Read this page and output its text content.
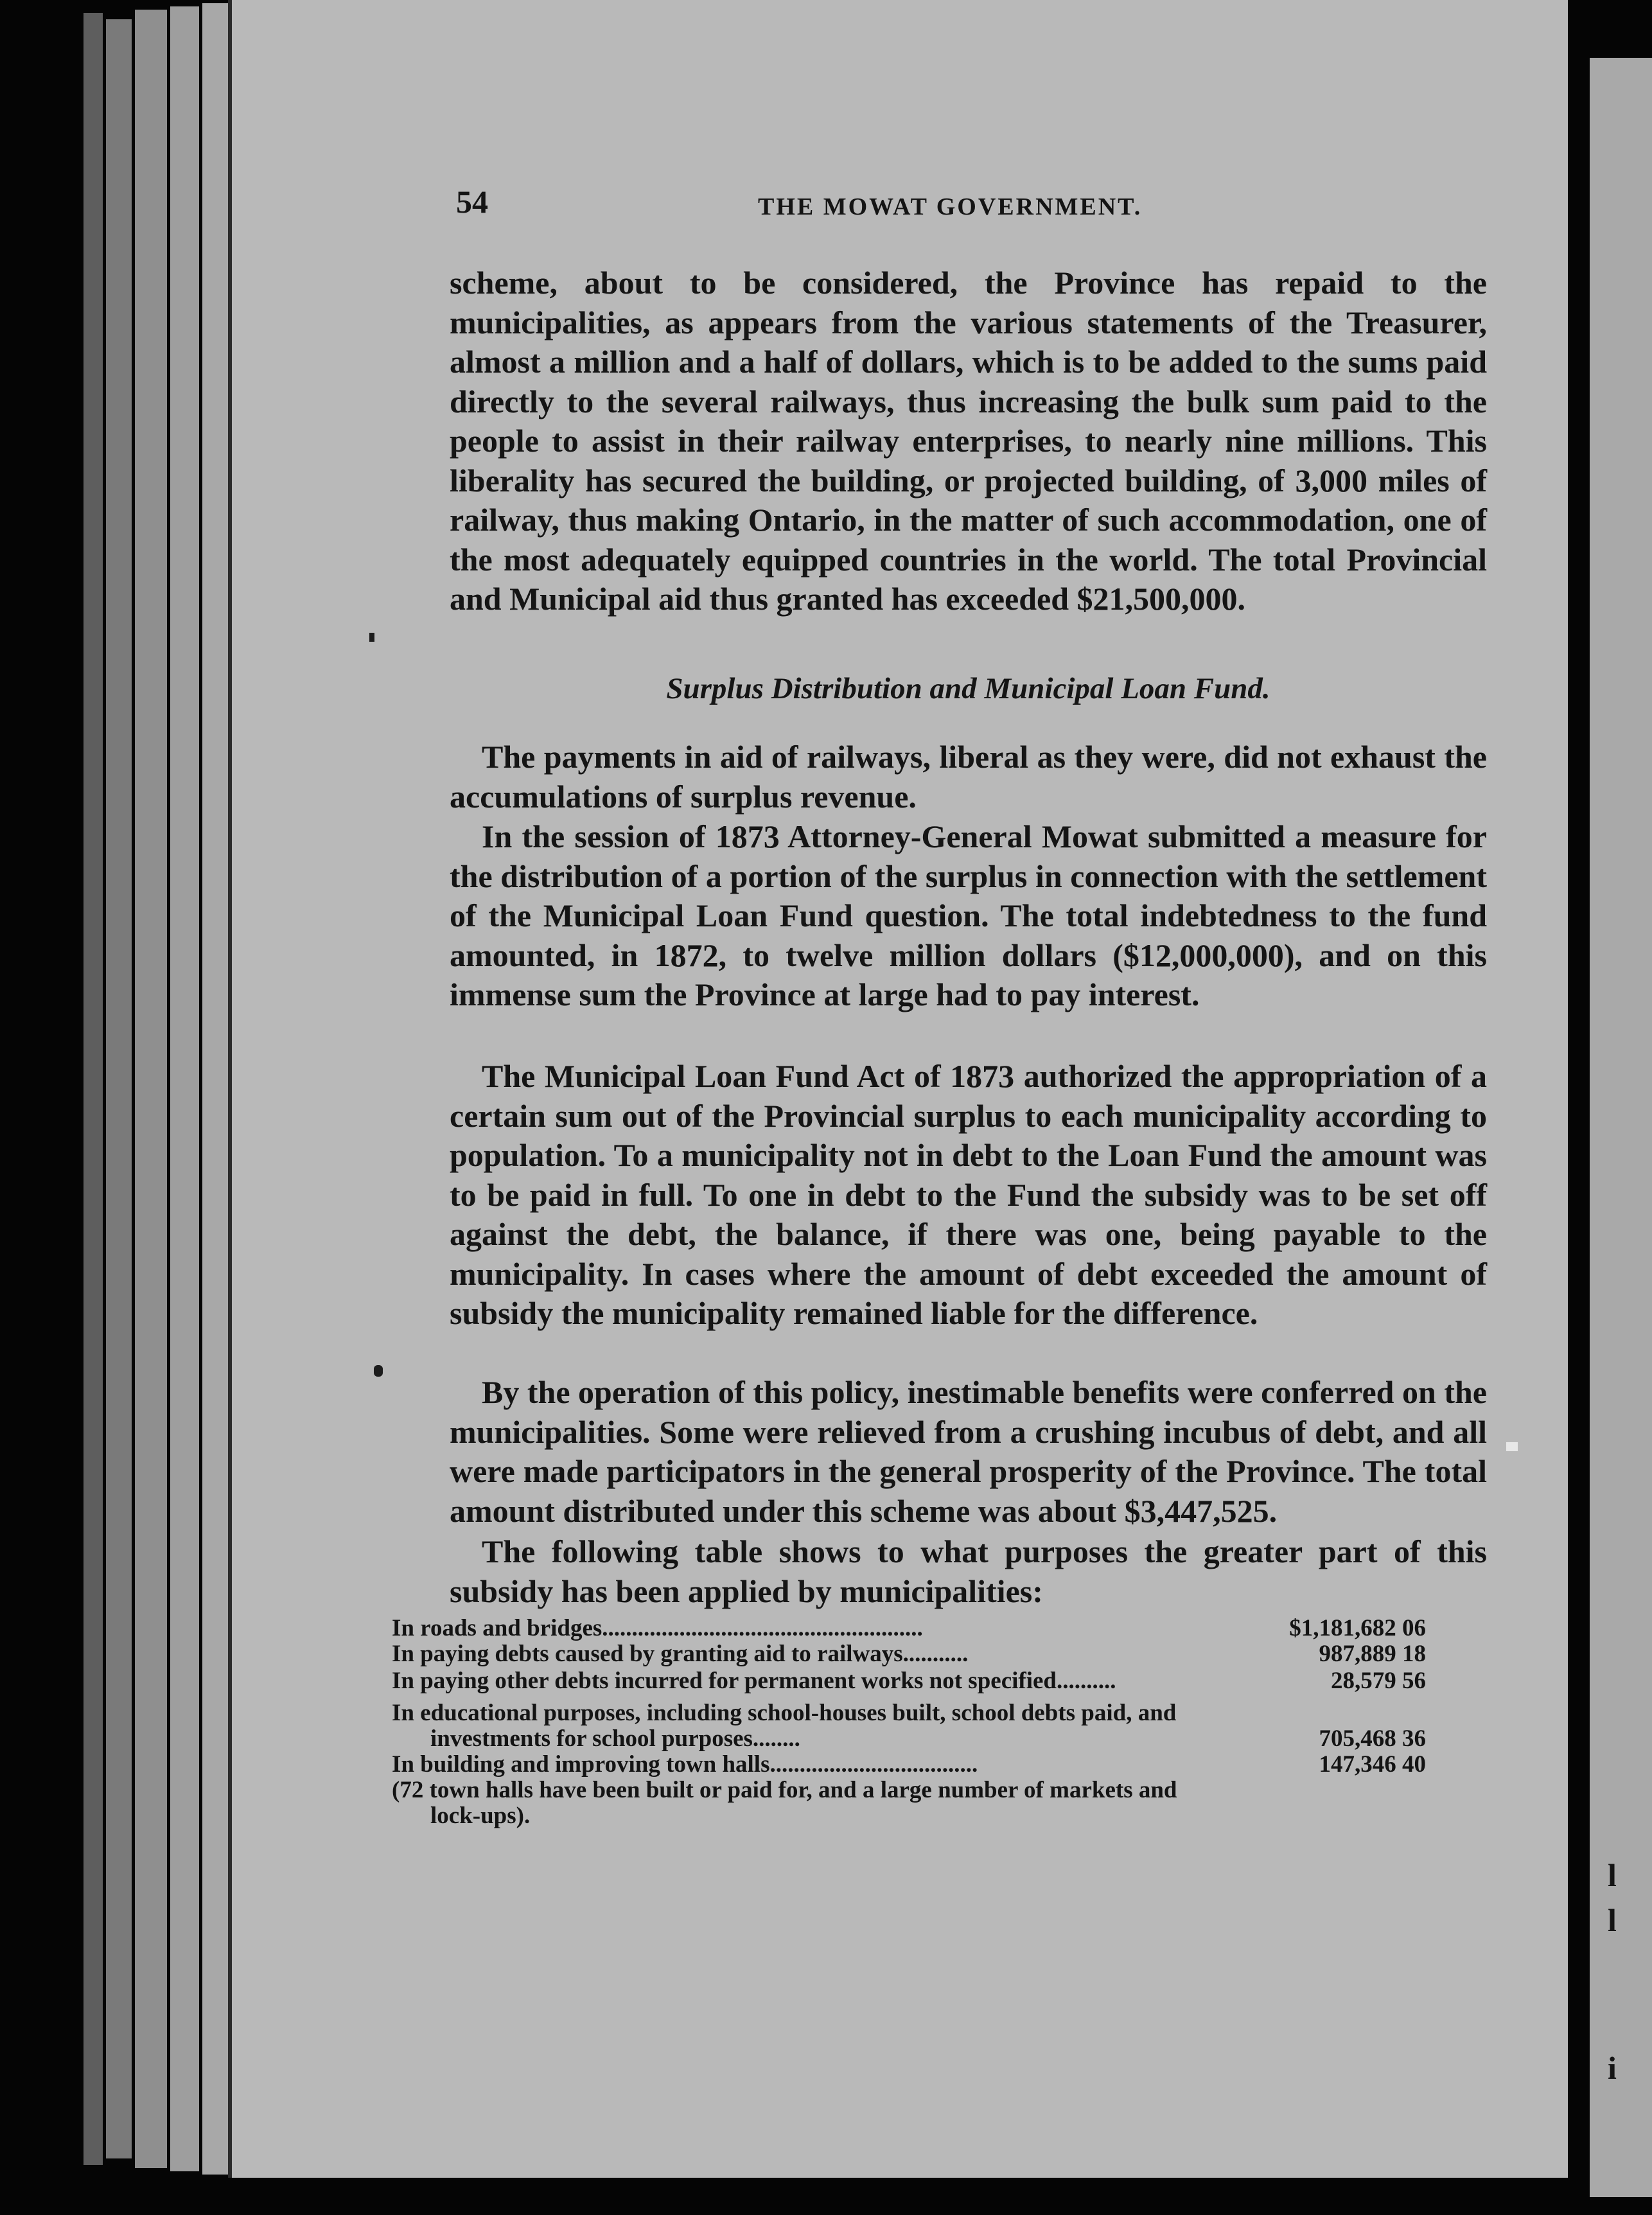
l
l
i
54	THE MOWAT GOVERNMENT.
scheme, about to be considered, the Province has repaid to the municipalities, as appears from the various statements of the Treasurer, almost a million and a half of dollars, which is to be added to the sums paid directly to the several railways, thus increasing the bulk sum paid to the people to assist in their railway enterprises, to nearly nine millions. This liberality has secured the building, or projected building, of 3,000 miles of railway, thus making Ontario, in the matter of such accommodation, one of the most adequately equipped countries in the world. The total Provincial and Municipal aid thus granted has exceeded $21,500,000.
Surplus Distribution and Municipal Loan Fund.
The payments in aid of railways, liberal as they were, did not exhaust the accumulations of surplus revenue.
In the session of 1873 Attorney-General Mowat submitted a measure for the distribution of a portion of the surplus in connection with the settlement of the Municipal Loan Fund question. The total indebtedness to the fund amounted, in 1872, to twelve million dollars ($12,000,000), and on this immense sum the Province at large had to pay interest.
The Municipal Loan Fund Act of 1873 authorized the appropriation of a certain sum out of the Provincial surplus to each municipality according to population. To a municipality not in debt to the Loan Fund the amount was to be paid in full. To one in debt to the Fund the subsidy was to be set off against the debt, the balance, if there was one, being payable to the municipality. In cases where the amount of debt exceeded the amount of subsidy the municipality remained liable for the difference.
By the operation of this policy, inestimable benefits were conferred on the municipalities. Some were relieved from a crushing incubus of debt, and all were made participators in the general prosperity of the Province. The total amount distributed under this scheme was about $3,447,525.
The following table shows to what purposes the greater part of this subsidy has been applied by municipalities:
In roads and bridges......................................................	$1,181,682 06
In paying debts caused by granting aid to railways...........	987,889 18
In paying other debts incurred for permanent works not specified..........	28,579 56
In educational purposes, including school-houses built, school debts paid, and investments for school purposes........	705,468 36
In building and improving town halls...................................	147,346 40
(72 town halls have been built or paid for, and a large number of markets and lock-ups).
